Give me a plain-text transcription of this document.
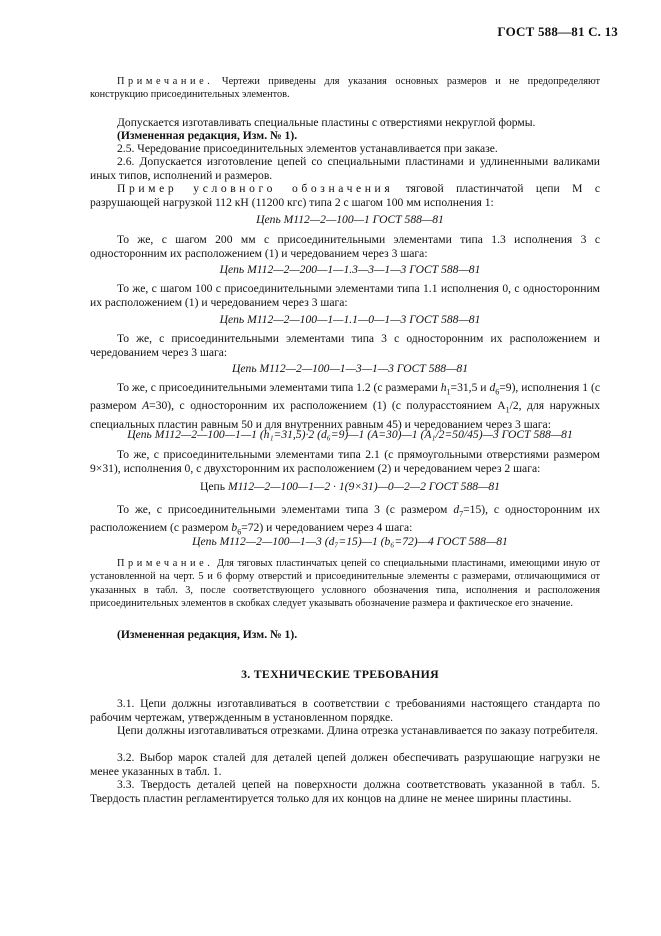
ГОСТ 588—81 С. 13

Примечание. Чертежи приведены для указания основных размеров и не предопределяют конструкцию присоединительных элементов.

Допускается изготавливать специальные пластины с отверстиями некруглой формы.

(Измененная редакция, Изм. № 1).

2.5. Чередование присоединительных элементов устанавливается при заказе.

2.6. Допускается изготовление цепей со специальными пластинами и удлиненными валиками иных типов, исполнений и размеров.

Пример условного обозначения тяговой пластинчатой цепи М с разрушающей нагрузкой 112 кН (11200 кгс) типа 2 с шагом 100 мм исполнения 1:

Цепь М112—2—100—1 ГОСТ 588—81

То же, с шагом 200 мм с присоединительными элементами типа 1.3 исполнения 3 с односторонним их расположением (1) и чередованием через 3 шага:

Цепь М112—2—200—1—1.3—3—1—3 ГОСТ 588—81

То же, с шагом 100 с присоединительными элементами типа 1.1 исполнения 0, с односторонним их расположением (1) и чередованием через 3 шага:

Цепь М112—2—100—1—1.1—0—1—3 ГОСТ 588—81

То же, с присоединительными элементами типа 3 с односторонним их расположением и чередованием через 3 шага:

Цепь М112—2—100—1—3—1—3 ГОСТ 588—81

То же, с присоединительными элементами типа 1.2 (с размерами $h_1=31,5$ и $d_6=9$), исполнения 1 (с размером А=30), с односторонним их расположением (1) (с полурасстоянием $А_1/2$, для наружных специальных пластин равным 50 и для внутренних равным 45) и чередованием через 3 шага:

Цепь М112—2—100—1—1 (h₁=31,5)·2 (d₆=9)—1 (A=30)—1 (A₁/2=50/45)—3 ГОСТ 588—81

То же, с присоединительными элементами типа 2.1 (с прямоугольными отверстиями размером 9×31), исполнения 0, с двухсторонним их расположением (2) и чередованием через 2 шага:

Цепь М112—2—100—1—2 · 1(9×31)—0—2—2 ГОСТ 588—81

То же, с присоединительными элементами типа 3 (с размером $d_7=15$), с односторонним их расположением (с размером $b_6=72$) и чередованием через 4 шага:

Цепь М112—2—100—1—3 (d₇=15)—1 (b₆=72)—4 ГОСТ 588—81

Примечание. Для тяговых пластинчатых цепей со специальными пластинами, имеющими иную от установленной на черт. 5 и 6 форму отверстий и присоединительные элементы с размерами, отличающимися от указанных в табл. 3, после соответствующего условного обозначения типа, исполнения и расположения присоединительных элементов в скобках следует указывать обозначение размера и фактическое его значение.

(Измененная редакция, Изм. № 1).

3. ТЕХНИЧЕСКИЕ ТРЕБОВАНИЯ

3.1. Цепи должны изготавливаться в соответствии с требованиями настоящего стандарта по рабочим чертежам, утвержденным в установленном порядке.

Цепи должны изготавливаться отрезками. Длина отрезка устанавливается по заказу потребителя.

3.2. Выбор марок сталей для деталей цепей должен обеспечивать разрушающие нагрузки не менее указанных в табл. 1.

3.3. Твердость деталей цепей на поверхности должна соответствовать указанной в табл. 5. Твердость пластин регламентируется только для их концов на длине не менее ширины пластины.
